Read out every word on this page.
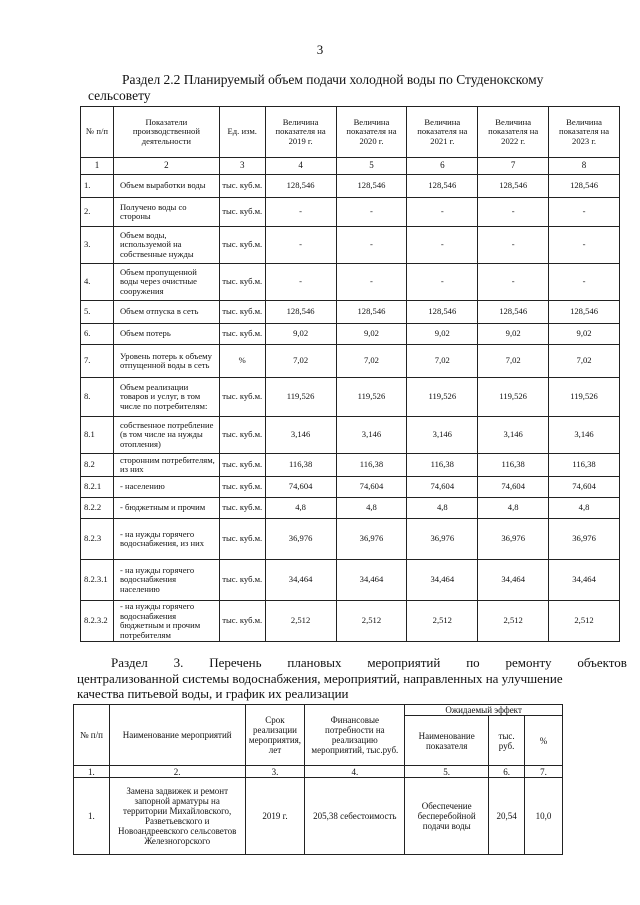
3
Раздел 2.2 Планируемый объем подачи холодной воды по Студенокскому
сельсовету
№ п/п	Показатели производственной деятельности	Ед. изм.	Величина показателя на 2019 г.	Величина показателя на 2020 г.	Величина показателя на 2021 г.	Величина показателя на 2022 г.	Величина показателя на 2023 г.
1	2	3	4	5	6	7	8
1.	Объем выработки воды	тыс. куб.м.	128,546	128,546	128,546	128,546	128,546
2.	Получено воды со стороны	тыс. куб.м.	-	-	-	-	-
3.	Объем воды, используемой на собственные нужды	тыс. куб.м.	-	-	-	-	-
4.	Объем пропущенной воды через очистные сооружения	тыс. куб.м.	-	-	-	-	-
5.	Объем отпуска в сеть	тыс. куб.м.	128,546	128,546	128,546	128,546	128,546
6.	Объем потерь	тыс. куб.м.	9,02	9,02	9,02	9,02	9,02
7.	Уровень потерь к объему отпущенной воды в сеть	%	7,02	7,02	7,02	7,02	7,02
8.	Объем реализации товаров и услуг, в том числе по потребителям:	тыс. куб.м.	119,526	119,526	119,526	119,526	119,526
8.1	собственное потребление (в том числе на нужды отопления)	тыс. куб.м.	3,146	3,146	3,146	3,146	3,146
8.2	сторонним потребителям, из них	тыс. куб.м.	116,38	116,38	116,38	116,38	116,38
8.2.1	- населению	тыс. куб.м.	74,604	74,604	74,604	74,604	74,604
8.2.2	- бюджетным и прочим	тыс. куб.м.	4,8	4,8	4,8	4,8	4,8
8.2.3	- на нужды горячего водоснабжения, из них	тыс. куб.м.	36,976	36,976	36,976	36,976	36,976
8.2.3.1	- на нужды горячего водоснабжения населению	тыс. куб.м.	34,464	34,464	34,464	34,464	34,464
8.2.3.2	- на нужды горячего водоснабжения бюджетным и прочим потребителям	тыс. куб.м.	2,512	2,512	2,512	2,512	2,512
Раздел 3. Перечень плановых мероприятий по ремонту объектов
централизованной системы водоснабжения, мероприятий, направленных на улучшение
качества питьевой воды, и график их реализации
№ п/п	Наименование мероприятий	Срок реализации мероприятия, лет	Финансовые потребности на реализацию мероприятий, тыс.руб.	Ожидаемый эффект		
				Наименование показателя	тыс. руб.	%
1.	2.	3.	4.	5.	6.	7.
1.	Замена задвижек и ремонт запорной арматуры на территории Михайловского, Разветьевского и Новоандреевского сельсоветов Железногорского	2019 г.	205,38 себестоимость	Обеспечение бесперебойной подачи воды	20,54	10,0
